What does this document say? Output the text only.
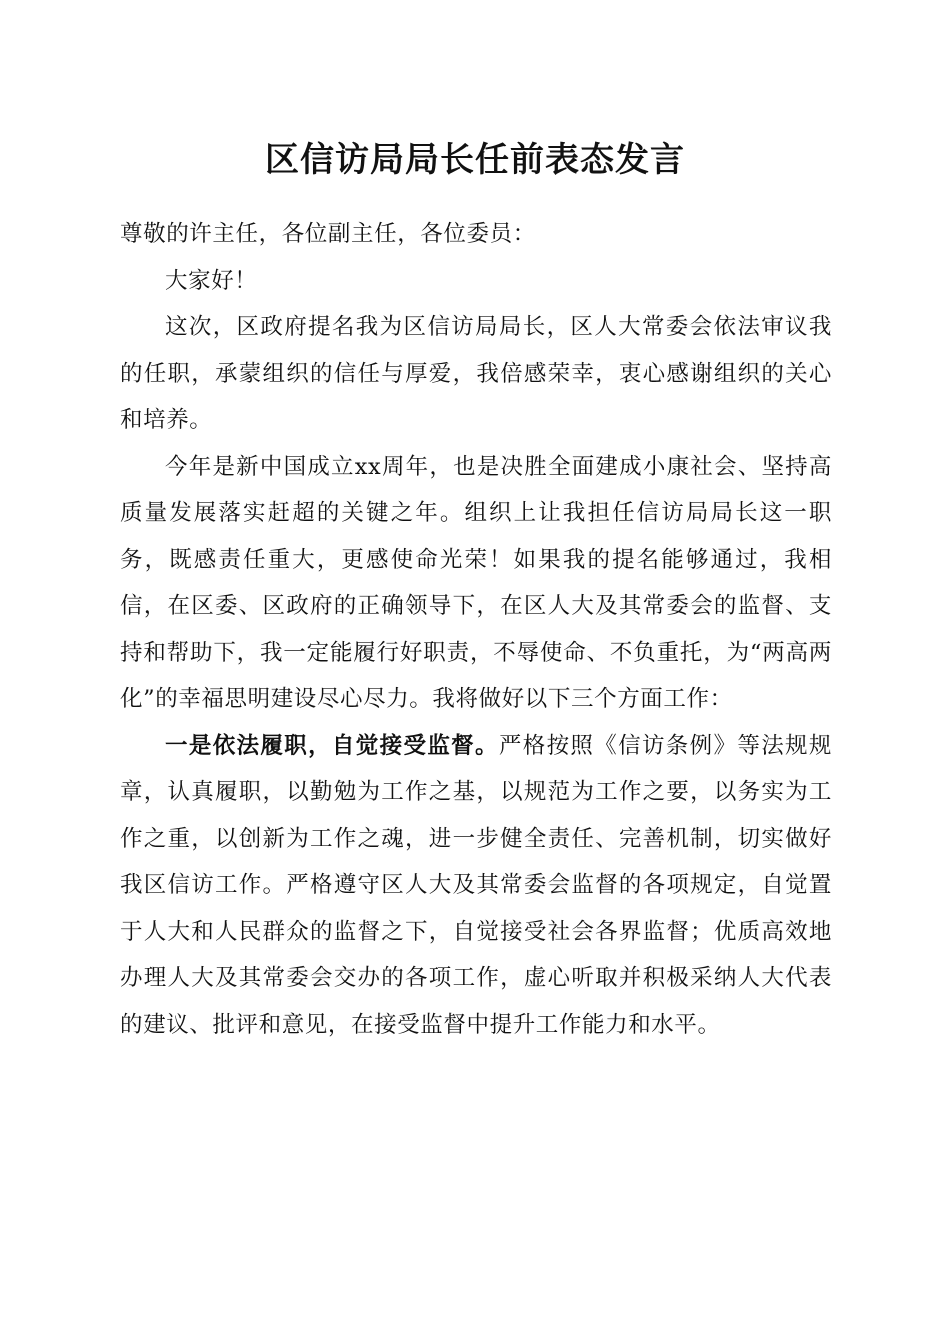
区信访局局长任前表态发言

尊敬的许主任，各位副主任，各位委员：

大家好！

这次，区政府提名我为区信访局局长，区人大常委会依法审议我的任职，承蒙组织的信任与厚爱，我倍感荣幸，衷心感谢组织的关心和培养。

今年是新中国成立xx周年，也是决胜全面建成小康社会、坚持高质量发展落实赶超的关键之年。组织上让我担任信访局局长这一职务，既感责任重大，更感使命光荣！如果我的提名能够通过，我相信，在区委、区政府的正确领导下，在区人大及其常委会的监督、支持和帮助下，我一定能履行好职责，不辱使命、不负重托，为“两高两化”的幸福思明建设尽心尽力。我将做好以下三个方面工作：

一是依法履职，自觉接受监督。严格按照《信访条例》等法规规章，认真履职，以勤勉为工作之基，以规范为工作之要，以务实为工作之重，以创新为工作之魂，进一步健全责任、完善机制，切实做好我区信访工作。严格遵守区人大及其常委会监督的各项规定，自觉置于人大和人民群众的监督之下，自觉接受社会各界监督；优质高效地办理人大及其常委会交办的各项工作，虚心听取并积极采纳人大代表的建议、批评和意见，在接受监督中提升工作能力和水平。
